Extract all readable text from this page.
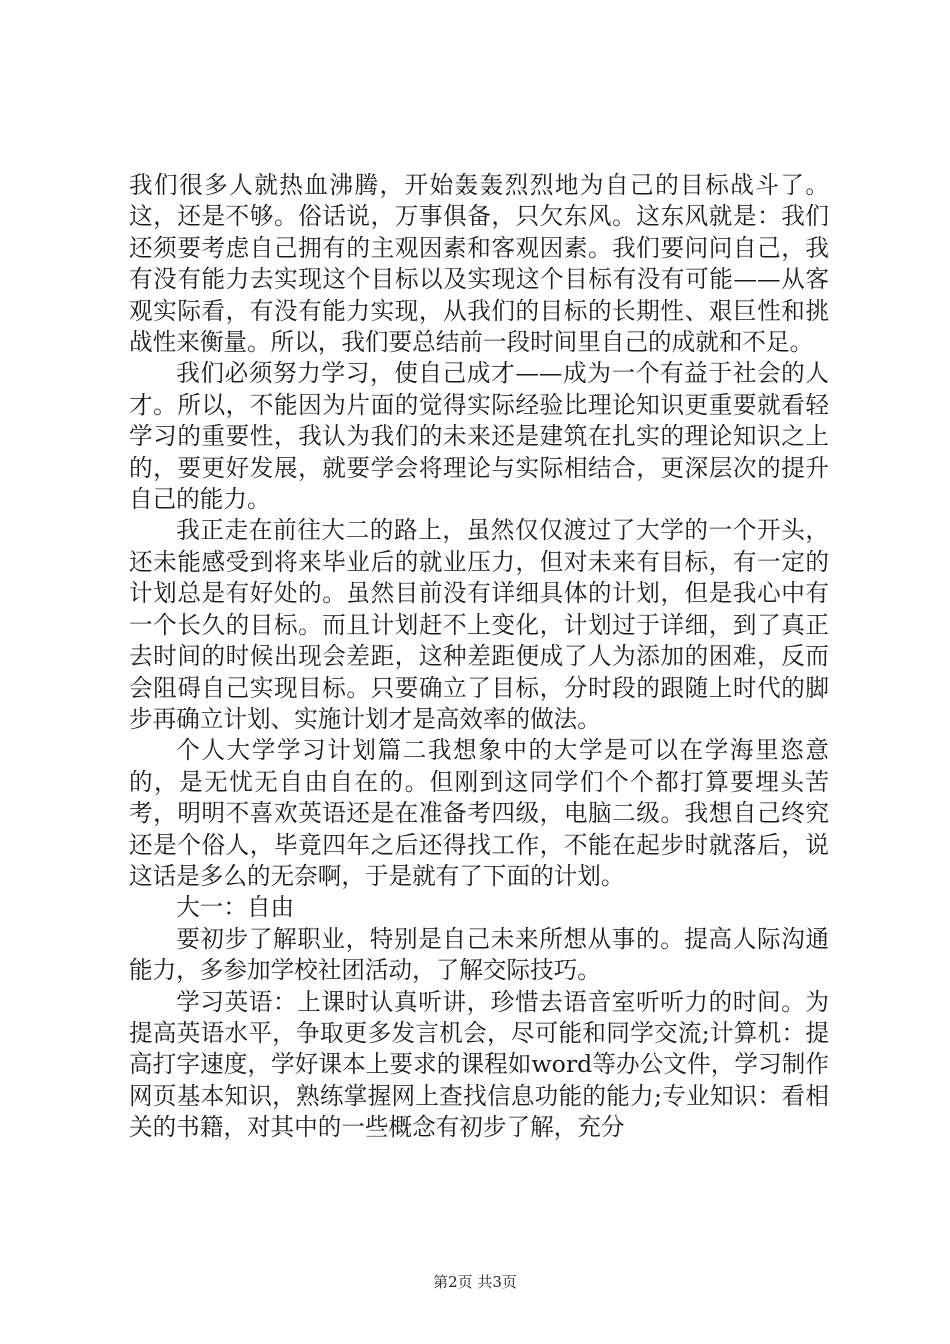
我们很多人就热血沸腾，开始轰轰烈烈地为自己的目标战斗了。这，还是不够。俗话说，万事俱备，只欠东风。这东风就是：我们还须要考虑自己拥有的主观因素和客观因素。我们要问问自己，我有没有能力去实现这个目标以及实现这个目标有没有可能——从客观实际看，有没有能力实现，从我们的目标的长期性、艰巨性和挑战性来衡量。所以，我们要总结前一段时间里自己的成就和不足。

我们必须努力学习，使自己成才——成为一个有益于社会的人才。所以，不能因为片面的觉得实际经验比理论知识更重要就看轻学习的重要性，我认为我们的未来还是建筑在扎实的理论知识之上的，要更好发展，就要学会将理论与实际相结合，更深层次的提升自己的能力。

我正走在前往大二的路上，虽然仅仅渡过了大学的一个开头，还未能感受到将来毕业后的就业压力，但对未来有目标，有一定的计划总是有好处的。虽然目前没有详细具体的计划，但是我心中有一个长久的目标。而且计划赶不上变化，计划过于详细，到了真正去时间的时候出现会差距，这种差距便成了人为添加的困难，反而会阻碍自己实现目标。只要确立了目标，分时段的跟随上时代的脚步再确立计划、实施计划才是高效率的做法。

个人大学学习计划篇二我想象中的大学是可以在学海里恣意的，是无忧无自由自在的。但刚到这同学们个个都打算要埋头苦考，明明不喜欢英语还是在准备考四级，电脑二级。我想自己终究还是个俗人，毕竟四年之后还得找工作，不能在起步时就落后，说这话是多么的无奈啊，于是就有了下面的计划。

大一：自由

要初步了解职业，特别是自己未来所想从事的。提高人际沟通能力，多参加学校社团活动，了解交际技巧。

学习英语：上课时认真听讲，珍惜去语音室听听力的时间。为提高英语水平，争取更多发言机会，尽可能和同学交流;计算机：提高打字速度，学好课本上要求的课程如word等办公文件，学习制作网页基本知识，熟练掌握网上查找信息功能的能力;专业知识：看相关的书籍，对其中的一些概念有初步了解，充分

第2页 共3页
